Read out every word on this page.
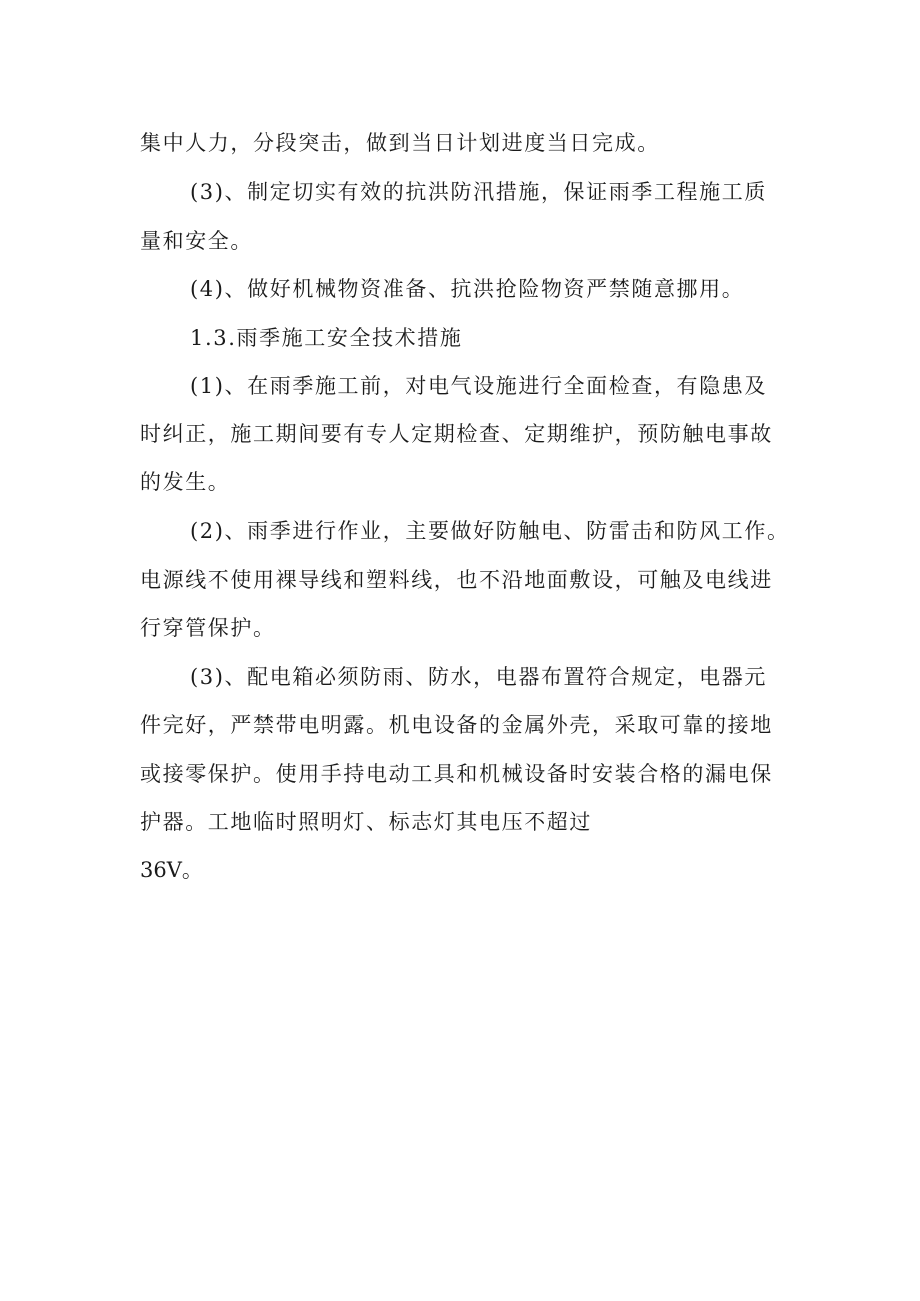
集中人力，分段突击，做到当日计划进度当日完成。
(3)、制定切实有效的抗洪防汛措施，保证雨季工程施工质
量和安全。
(4)、做好机械物资准备、抗洪抢险物资严禁随意挪用。
1.3.雨季施工安全技术措施
(1)、在雨季施工前，对电气设施进行全面检查，有隐患及
时纠正，施工期间要有专人定期检查、定期维护，预防触电事故
的发生。
(2)、雨季进行作业，主要做好防触电、防雷击和防风工作。
电源线不使用裸导线和塑料线，也不沿地面敷设，可触及电线进
行穿管保护。
(3)、配电箱必须防雨、防水，电器布置符合规定，电器元
件完好，严禁带电明露。机电设备的金属外壳，采取可靠的接地
或接零保护。使用手持电动工具和机械设备时安装合格的漏电保
护器。工地临时照明灯、标志灯其电压不超过
36V。
